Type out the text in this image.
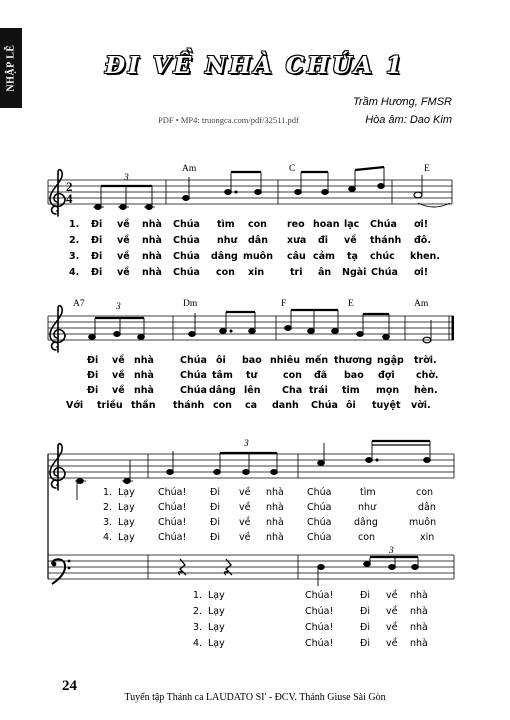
NHẬP LỄ	ĐI VỀ NHÀ CHÚA 1
PDF • MP4: truongca.com/pdf/32511.pdf
Trầm Hương, FMSR
Hòa âm: Dao Kim
2
4
3
Am	C	E
1. Đi về nhà Chúa tìm con reo hoan lạc Chúa ơi!
2. Đi về nhà Chúa như dân xưa đi về thánh đô.
3. Đi về nhà Chúa dâng muôn câu cảm tạ chúc khen.
4. Đi về nhà Chúa con xin	tri ân Ngài Chúa ơi!
3
A7	Dm	F	E	Am
Đi về nhà	Chúa ôi bao nhiêu mến thương ngập trời.
Đi về nhà	Chúa tâm tư	con đã bao đợi chờ.
Đi về nhà	Chúa dâng lên Cha trái tim mọn hèn.
Với triều thần thánh con ca danh Chúa ôi tuyệt vời.
3
3
1. Lạy Chúa! Đi về nhà Chúa	tìm	con
2. Lạy Chúa! Đi về nhà Chúa	như	dân
3. Lạy Chúa! Đi về nhà Chúa dâng	muôn
4. Lạy Chúa! Đi về nhà Chúa	con	xin
1. Lạy	Chúa!	Đi về nhà
2. Lạy	Chúa!	Đi về nhà
3. Lạy	Chúa!	Đi về nhà
4. Lạy	Chúa!	Đi về nhà
24
Tuyển tập Thánh ca LAUDATO SI' - ĐCV. Thánh Giuse Sài Gòn
